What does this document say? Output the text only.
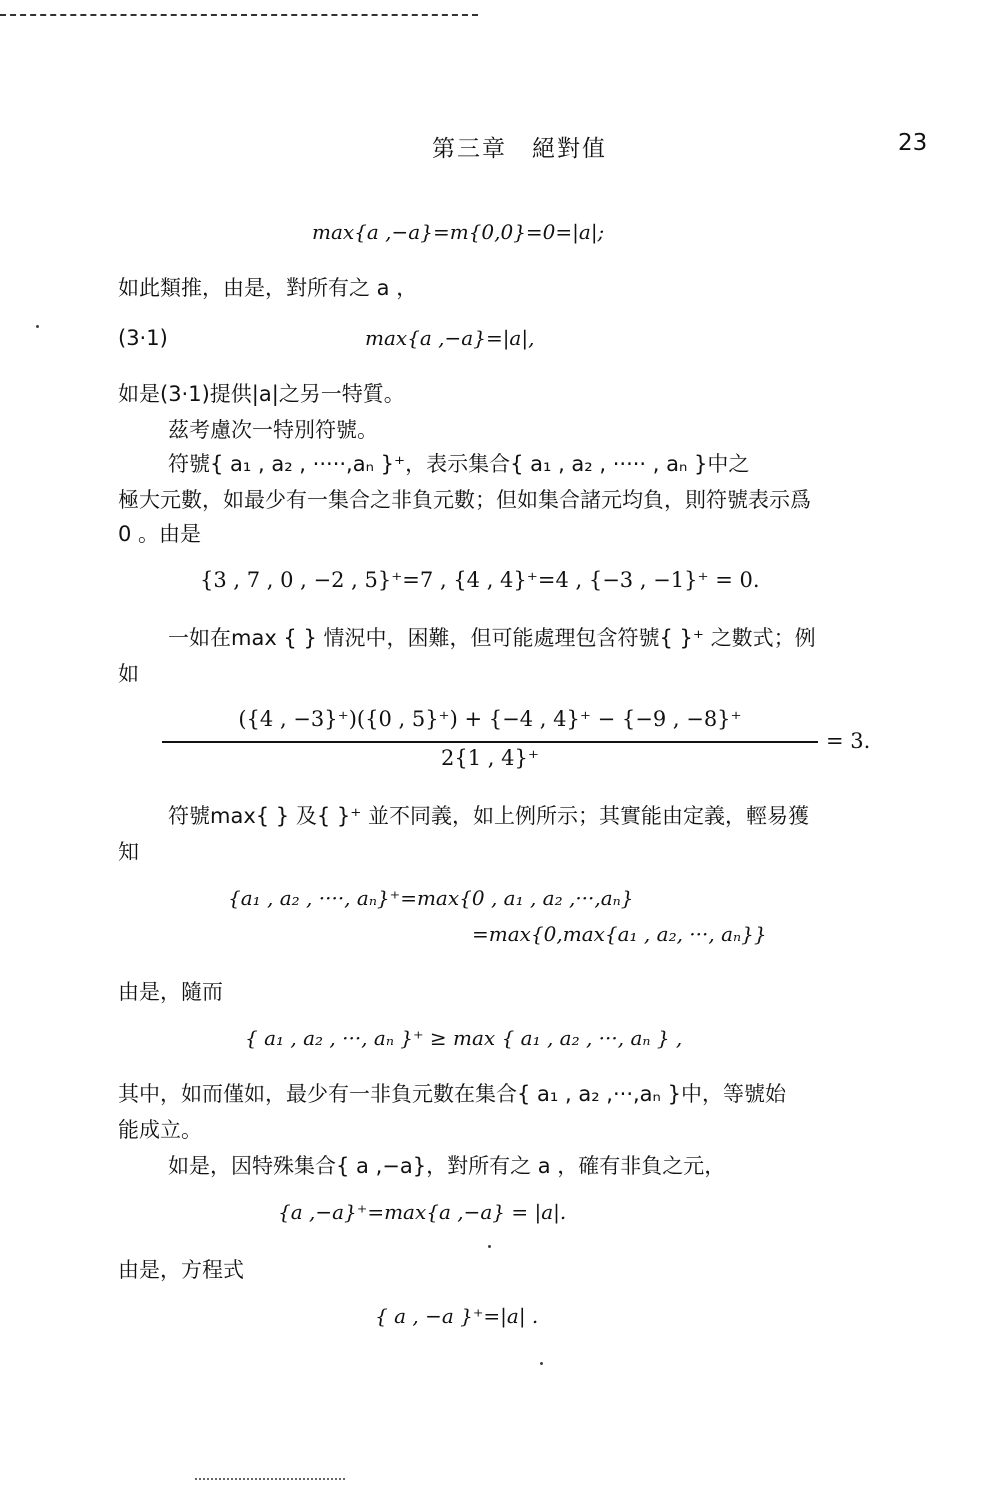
第三章　絕對值	23
max{a ,−a}=m{0,0}=0=|a|;
如此類推，由是，對所有之 a ，
(3·1)	max{a ,−a}=|a|,
如是(3·1)提供|a|之另一特質。
茲考慮次一特別符號。
符號{ a₁ , a₂ , ·····,aₙ }⁺，表示集合{ a₁ , a₂ , ····· , aₙ }中之
極大元數，如最少有一集合之非負元數；但如集合諸元均負，則符號表示爲
0 。由是
{3 , 7 , 0 , −2 , 5}⁺=7 , {4 , 4}⁺=4 , {−3 , −1}⁺ = 0.
一如在max { } 情況中，困難，但可能處理包含符號{ }⁺ 之數式；例
如
({4 , −3}⁺)({0 , 5}⁺) + {−4 , 4}⁺ − {−9 , −8}⁺
2{1 , 4}⁺
= 3.
符號max{ } 及{ }⁺ 並不同義，如上例所示；其實能由定義，輕易獲
知
{a₁ , a₂ , ····, aₙ}⁺=max{0 , a₁ , a₂ ,···,aₙ}
=max{0,max{a₁ , a₂, ···, aₙ}}
由是，隨而
{ a₁ , a₂ , ···, aₙ }⁺ ≥ max { a₁ , a₂ , ···, aₙ } ,
其中，如而僅如，最少有一非負元數在集合{ a₁ , a₂ ,···,aₙ }中，等號始
能成立。
如是，因特殊集合{ a ,−a}，對所有之 a ，確有非負之元，
{a ,−a}⁺=max{a ,−a} = |a|.
由是，方程式
{ a , −a }⁺=|a| .
